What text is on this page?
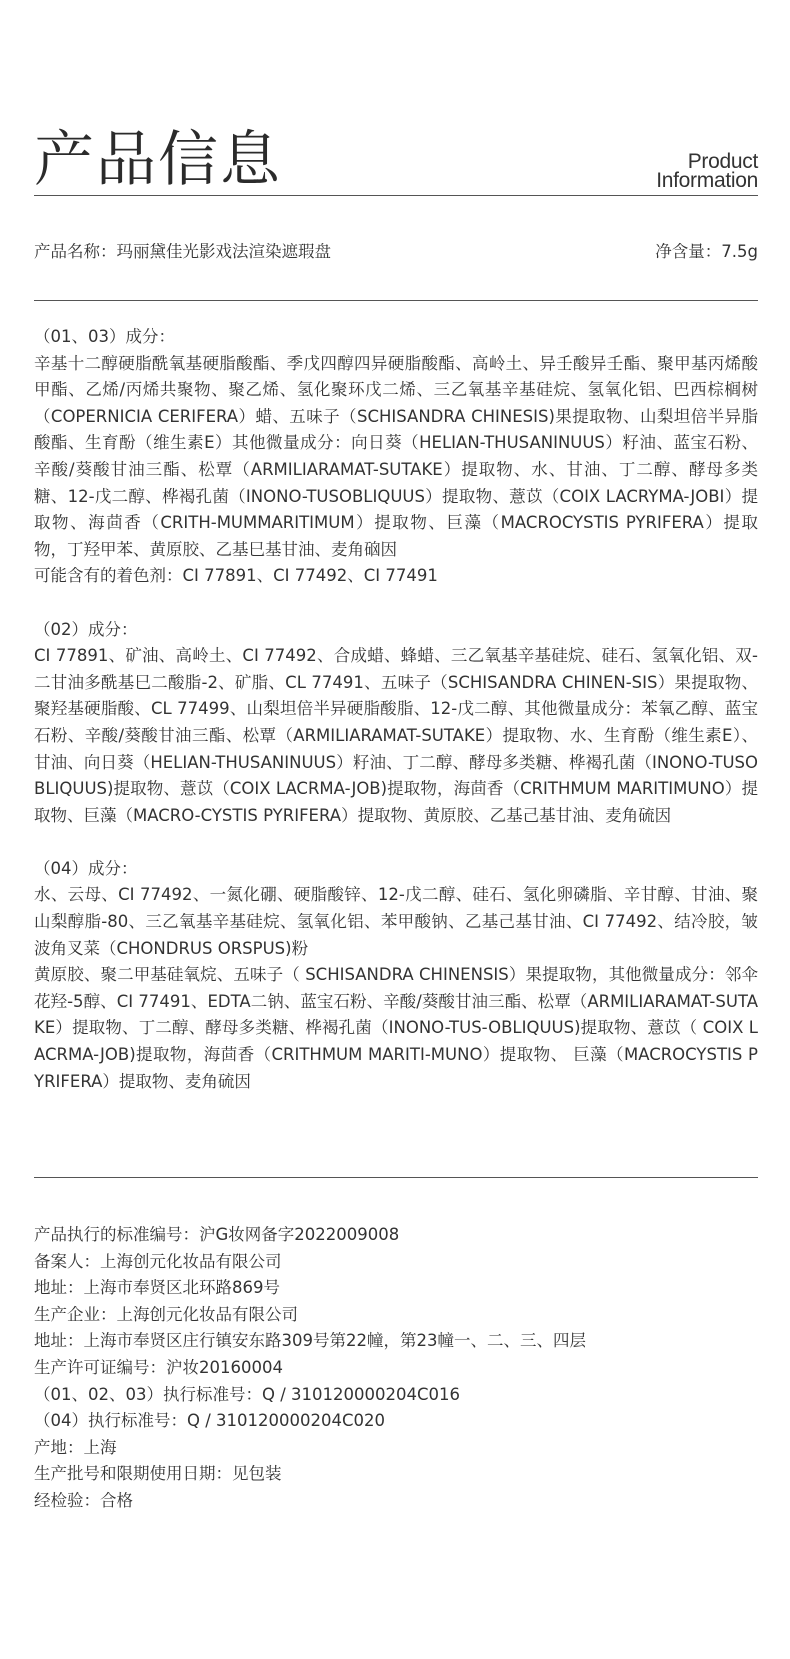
产品信息	Product
Information
产品名称：玛丽黛佳光影戏法渲染遮瑕盘	净含量：7.5g

（01、03）成分：

辛基十二醇硬脂酰氧基硬脂酸酯、季戊四醇四异硬脂酸酯、高岭土、异壬酸异壬酯、聚甲基丙烯酸甲酯、乙烯/丙烯共聚物、聚乙烯、氢化聚环戊二烯、三乙氧基辛基硅烷、氢氧化铝、巴西棕榈树（COPERNICIA CERIFERA）蜡、五味子（SCHISANDRA CHINESIS)果提取物、山梨坦倍半异脂酸酯、生育酚（维生素E）其他微量成分：向日葵（HELIAN-THUSANINUUS）籽油、蓝宝石粉、辛酸/葵酸甘油三酯、松覃（ARMILIARAMAT-SUTAKE）提取物、水、甘油、丁二醇、酵母多类糖、12-戊二醇、桦褐孔菌（INONO-TUSOBLIQUUS）提取物、薏苡（COIX LACRYMA-JOBI）提取物、海茴香（CRITH-MUMMARITIMUM）提取物、巨藻（MACROCYSTIS PYRIFERA）提取物，丁羟甲苯、黄原胶、乙基巳基甘油、麦角硇因

可能含有的着色剂：CI 77891、CI 77492、CI 77491

（02）成分：

CI 77891、矿油、高岭土、CI 77492、合成蜡、蜂蜡、三乙氧基辛基硅烷、硅石、氢氧化铝、双-二甘油多酰基巳二酸脂-2、矿脂、CL 77491、五味子（SCHISANDRA CHINEN-SIS）果提取物、聚羟基硬脂酸、CL 77499、山梨坦倍半异硬脂酸脂、12-戊二醇、其他微量成分：苯氧乙醇、蓝宝石粉、辛酸/葵酸甘油三酯、松覃（ARMILIARAMAT-SUTAKE）提取物、水、生育酚（维生素E）、甘油、向日葵（HELIAN-THUSANINUUS）籽油、丁二醇、酵母多类糖、桦褐孔菌（INONO-TUSOBLIQUUS)提取物、薏苡（COIX LACRMA-JOB)提取物，海茴香（CRITHMUM MARITIMUNO）提取物、巨藻（MACRO-CYSTIS PYRIFERA）提取物、黄原胶、乙基己基甘油、麦角硫因

（04）成分：

水、云母、CI 77492、一氮化硼、硬脂酸锌、12-戊二醇、硅石、氢化卵磷脂、辛甘醇、甘油、聚山梨醇脂-80、三乙氧基辛基硅烷、氢氧化铝、苯甲酸钠、乙基己基甘油、CI 77492、结冷胶，皱波角叉菜（CHONDRUS ORSPUS)粉

黄原胶、聚二甲基硅氧烷、五味子（ SCHISANDRA CHINENSIS）果提取物，其他微量成分：邻伞花羟-5醇、CI 77491、EDTA二钠、蓝宝石粉、辛酸/葵酸甘油三酯、松覃（ARMILIARAMAT-SUTAKE）提取物、丁二醇、酵母多类糖、桦褐孔菌（INONO-TUS-OBLIQUUS)提取物、薏苡（ COIX LACRMA-JOB)提取物，海茴香（CRITHMUM MARITI-MUNO）提取物、 巨藻（MACROCYSTIS PYRIFERA）提取物、麦角硫因

产品执行的标准编号：沪G妆网备字2022009008
备案人：上海创元化妆品有限公司
地址：上海市奉贤区北环路869号
生产企业：上海创元化妆品有限公司
地址：上海市奉贤区庄行镇安东路309号第22幢，第23幢一、二、三、四层
生产许可证编号：沪妆20160004
（01、02、03）执行标准号：Q / 310120000204C016
（04）执行标准号：Q / 310120000204C020
产地：上海
生产批号和限期使用日期：见包装
经检验：合格
